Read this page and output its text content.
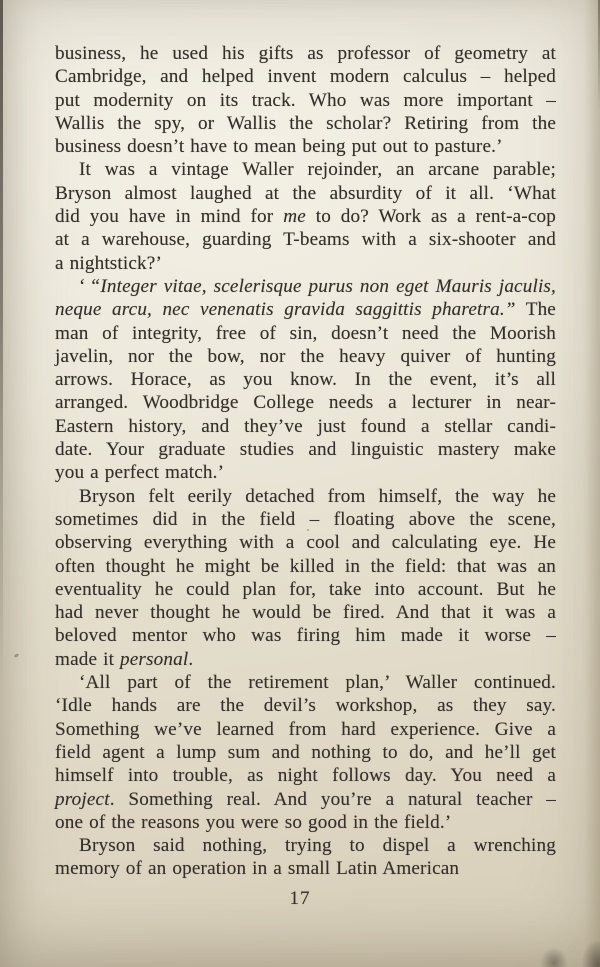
business, he used his gifts as professor of geometry at
Cambridge, and helped invent modern calculus – helped
put modernity on its track. Who was more important –
Wallis the spy, or Wallis the scholar? Retiring from the
business doesn’t have to mean being put out to pasture.’
It was a vintage Waller rejoinder, an arcane parable;
Bryson almost laughed at the absurdity of it all. ‘What
did you have in mind for me to do? Work as a rent-a-cop
at a warehouse, guarding T-beams with a six-shooter and
a nightstick?’
‘ “Integer vitae, scelerisque purus non eget Mauris jaculis,
neque arcu, nec venenatis gravida saggittis pharetra.” The
man of integrity, free of sin, doesn’t need the Moorish
javelin, nor the bow, nor the heavy quiver of hunting
arrows. Horace, as you know. In the event, it’s all
arranged. Woodbridge College needs a lecturer in near-
Eastern history, and they’ve just found a stellar candi-
date. Your graduate studies and linguistic mastery make
you a perfect match.’
Bryson felt eerily detached from himself, the way he
sometimes did in the field – floating above the scene,
observing everything with a cool and calculating eye. He
often thought he might be killed in the field: that was an
eventuality he could plan for, take into account. But he
had never thought he would be fired. And that it was a
beloved mentor who was firing him made it worse –
made it personal.
‘All part of the retirement plan,’ Waller continued.
‘Idle hands are the devil’s workshop, as they say.
Something we’ve learned from hard experience. Give a
field agent a lump sum and nothing to do, and he’ll get
himself into trouble, as night follows day. You need a
project. Something real. And you’re a natural teacher –
one of the reasons you were so good in the field.’
Bryson said nothing, trying to dispel a wrenching
memory of an operation in a small Latin American
17
